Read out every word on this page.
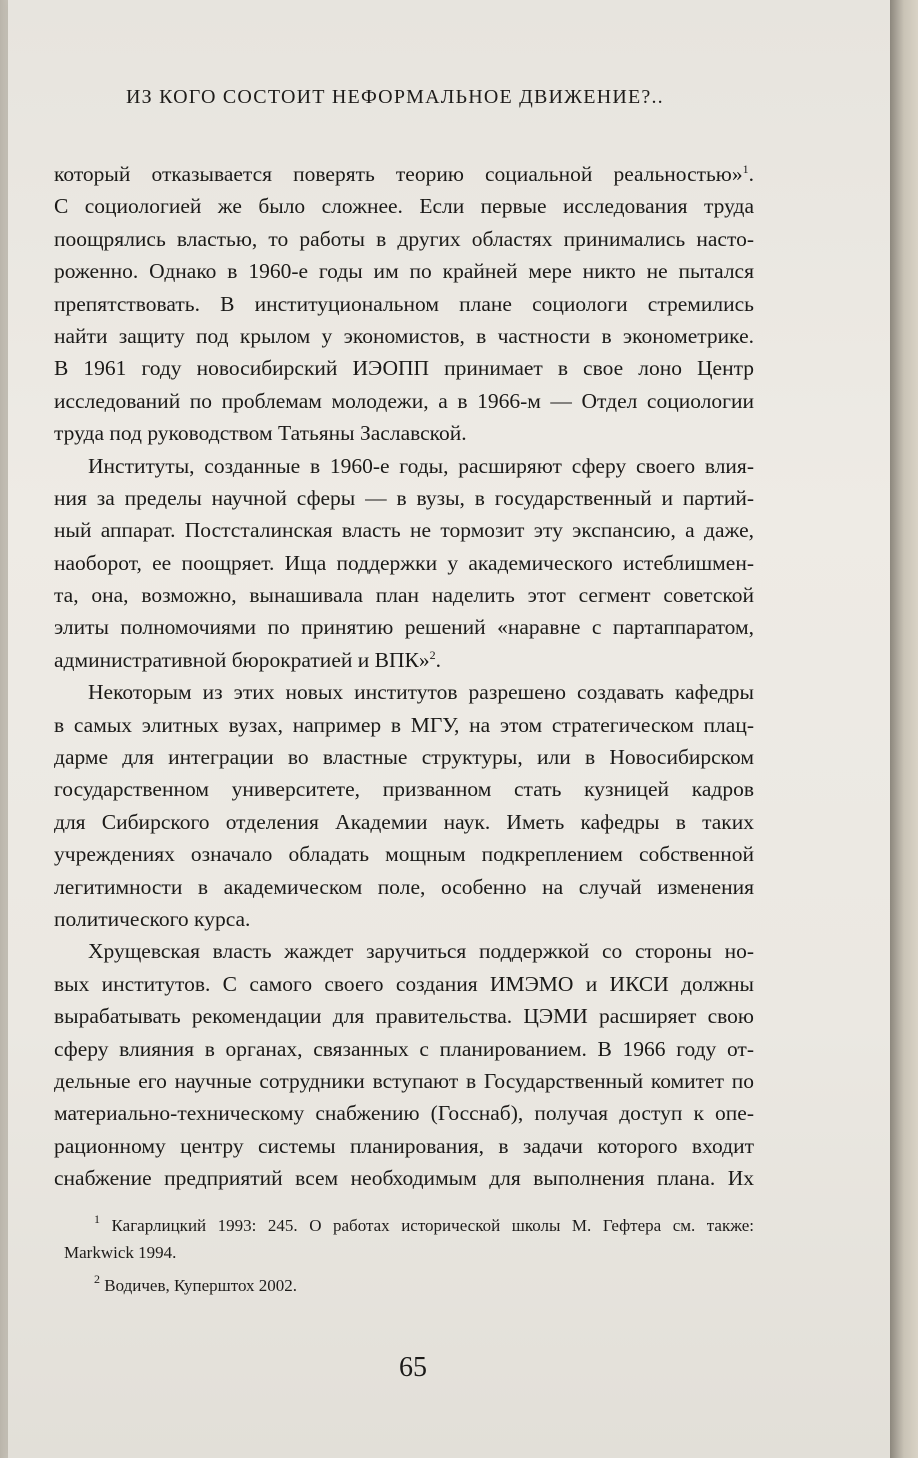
ИЗ КОГО СОСТОИТ НЕФОРМАЛЬНОЕ ДВИЖЕНИЕ?..
который отказывается поверять теорию социальной реальностью»$^1$.
С социологией же было сложнее. Если первые исследования труда
поощрялись властью, то работы в других областях принимались насто-
роженно. Однако в 1960-е годы им по крайней мере никто не пытался
препятствовать. В институциональном плане социологи стремились
найти защиту под крылом у экономистов, в частности в эконометрике.
В 1961 году новосибирский ИЭОПП принимает в свое лоно Центр
исследований по проблемам молодежи, а в 1966-м — Отдел социологии
труда под руководством Татьяны Заславской.
Институты, созданные в 1960-е годы, расширяют сферу своего влия-
ния за пределы научной сферы — в вузы, в государственный и партий-
ный аппарат. Постсталинская власть не тормозит эту экспансию, а даже,
наоборот, ее поощряет. Ища поддержки у академического истеблишмен-
та, она, возможно, вынашивала план наделить этот сегмент советской
элиты полномочиями по принятию решений «наравне с партаппаратом,
административной бюрократией и ВПК»$^2$.
Некоторым из этих новых институтов разрешено создавать кафедры
в самых элитных вузах, например в МГУ, на этом стратегическом плац-
дарме для интеграции во властные структуры, или в Новосибирском
государственном университете, призванном стать кузницей кадров
для Сибирского отделения Академии наук. Иметь кафедры в таких
учреждениях означало обладать мощным подкреплением собственной
легитимности в академическом поле, особенно на случай изменения
политического курса.
Хрущевская власть жаждет заручиться поддержкой со стороны но-
вых институтов. С самого своего создания ИМЭМО и ИКСИ должны
вырабатывать рекомендации для правительства. ЦЭМИ расширяет свою
сферу влияния в органах, связанных с планированием. В 1966 году от-
дельные его научные сотрудники вступают в Государственный комитет по
материально-техническому снабжению (Госснаб), получая доступ к опе-
рационному центру системы планирования, в задачи которого входит
снабжение предприятий всем необходимым для выполнения плана. Их
$^1$ Кагарлицкий 1993: 245. О работах исторической школы М. Гефтера см. также:
Markwick 1994.
$^2$ Водичев, Куперштох 2002.
65
